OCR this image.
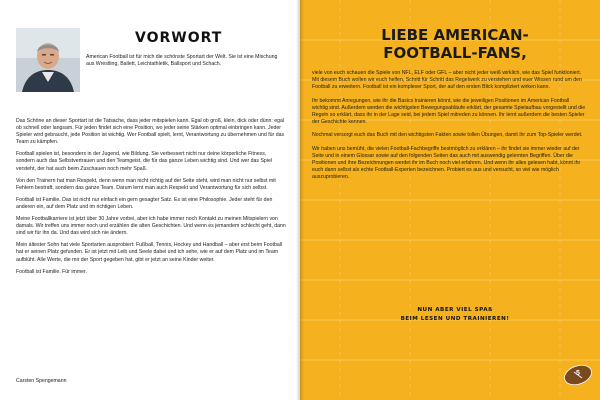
VORWORT
American Football ist für mich die schönste Sportart der Welt. Sie ist eine Mischung aus Wrestling, Ballett, Leichtathletik, Ballsport und Schach.

Das Schöne an dieser Sportart ist die Tatsache, dass jeder mitspielen kann. Egal ob groß, klein, dick oder dünn: egal ob schnell oder langsam. Für jeden findet sich eine Position, wo jeder seine Stärken optimal einbringen kann. Jeder Spieler wird gebraucht, jede Position ist wichtig. Wer Football spielt, lernt, Verantwortung zu übernehmen und für das Team zu kämpfen.

Football spielen ist, besonders in der Jugend, wie Bildung. Sie verbessert nicht nur deine körperliche Fitness, sondern auch das Selbstvertrauen und den Teamgeist, die für das ganze Leben wichtig sind. Und wer das Spiel versteht, der hat auch beim Zuschauen noch mehr Spaß.

Von den Trainern hat man Respekt, denn wenn man nicht richtig auf der Seite steht, wird man nicht nur selbst mit Fehlern bestraft, sondern das ganze Team. Darum lernt man auch Respekt und Verantwortung für sich selbst.

Football ist Familie. Das ist nicht nur einfach ein gern gesagter Satz. Es ist eine Philosophie. Jeder steht für den anderen ein, auf dem Platz und im richtigen Leben.

Meine Footballkarriere ist jetzt über 30 Jahre vorbei, aber ich habe immer noch Kontakt zu meinen Mitspielern von damals. Wir treffen uns immer noch und erzählen die alten Geschichten. Und wenn es jemandem schlecht geht, dann sind wir für ihn da. Und das wird sich nie ändern.

Mein ältester Sohn hat viele Sportarten ausprobiert: Fußball, Tennis, Hockey und Handball – aber erst beim Football hat er seinen Platz gefunden. Er ist jetzt mit Leib und Seele dabei und ich sehe, wie er auf dem Platz und im Team aufblüht. Alle Werte, die mir der Sport gegeben hat, gibt er jetzt an seine Kinder weiter.

Football ist Familie. Für immer.

Carsten Spengemann
LIEBE AMERICAN-
FOOTBALL-FANS,

viele von euch schauen die Spiele von NFL, ELF oder GFL – aber nicht jeder weiß wirklich, wie das Spiel funktioniert. Mit diesem Buch wollen wir euch helfen, Schritt für Schritt das Regelwerk zu verstehen und euer Wissen rund um den Football zu erweitern. Football ist ein komplexer Sport, der auf den ersten Blick kompliziert wirken kann.

Ihr bekommt Anregungen, wie ihr die Basics trainieren könnt, wie die jeweiligen Positionen im American Football wichtig sind. Außerdem werden die wichtigsten Bewegungsabläufe erklärt, der gesamte Spielaufbau vorgestellt und die Regeln so erklärt, dass ihr in der Lage seid, bei jedem Spiel mitreden zu können. Ihr lernt außerdem die besten Spieler der Geschichte kennen.

Nochmal versorgt euch das Buch mit den wichtigsten Fakten sowie tollen Übungen, damit ihr zum Top-Spieler werdet.

Wir haben uns bemüht, die vielen Football-Fachbegriffe bestmöglich zu erklären – ihr findet sie immer wieder auf der Seite und in einem Glossar sowie auf den folgenden Seiten das auch mit auswendig gelernten Begriffen. Über die Positionen und ihre Bezeichnungen werdet ihr im Buch noch viel erfahren. Und wenn ihr alles gelesen habt, könnt ihr euch dann selbst als echte Football-Experten bezeichnen. Probiert es aus und versucht, so viel wie möglich auszuprobieren.

NUN ABER VIEL SPAß
BEIM LESEN UND TRAINIEREN!
5
